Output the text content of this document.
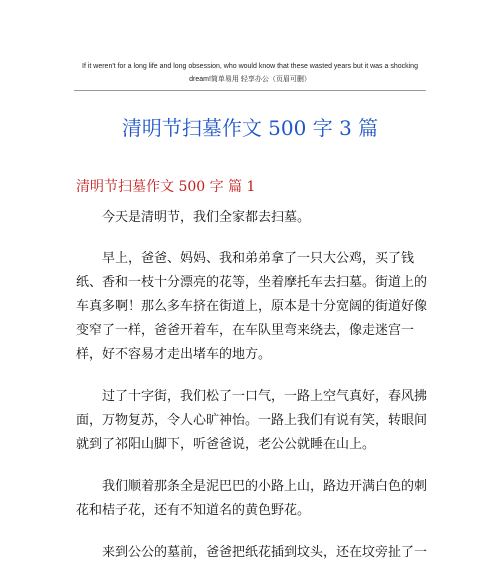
If it weren't for a long life and long obsession, who would know that these wasted years but it was a shocking
dream!简单易用 轻享办公（页眉可删）
清明节扫墓作文 500 字 3 篇
清明节扫墓作文 500 字 篇 1

今天是清明节，我们全家都去扫墓。

早上，爸爸、妈妈、我和弟弟拿了一只大公鸡，买了钱纸、香和一枝十分漂亮的花等，坐着摩托车去扫墓。街道上的车真多啊！那么多车挤在街道上，原本是十分宽阔的街道好像变窄了一样，爸爸开着车，在车队里弯来绕去，像走迷宫一样，好不容易才走出堵车的地方。

过了十字街，我们松了一口气，一路上空气真好，春风拂面，万物复苏，令人心旷神怡。一路上我们有说有笑，转眼间就到了祁阳山脚下，听爸爸说，老公公就睡在山上。

我们顺着那条全是泥巴巴的小路上山，路边开满白色的刺花和桔子花，还有不知道名的黄色野花。

来到公公的墓前，爸爸把纸花插到坟头，还在坟旁扯了一
